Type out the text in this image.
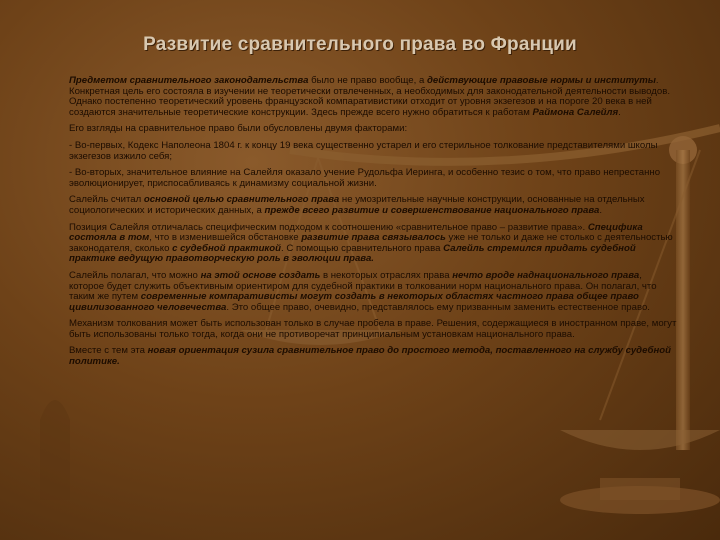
Развитие сравнительного права во Франции

Предметом сравнительного законодательства было не право вообще, а действующие правовые нормы и институты. Конкретная цель его состояла в изучении не теоретически отвлеченных, а необходимых для законодательной деятельности выводов. Однако постепенно теоретический уровень французской компаративистики отходит от уровня экзегезов и на пороге 20 века в ней создаются значительные теоретические конструкции. Здесь прежде всего нужно обратиться к работам Раймона Салейля.

Его взгляды на сравнительное право были обусловлены двумя факторами:

- Во-первых, Кодекс Наполеона 1804 г. к концу 19 века существенно устарел и его стерильное толкование представителями школы экзегезов изжило себя;

- Во-вторых, значительное влияние на Салейля оказало учение Рудольфа Иеринга, и особенно тезис о том, что право непрестанно эволюционирует, приспосабливаясь к динамизму социальной жизни.

Салейль считал основной целью сравнительного права не умозрительные научные конструкции, основанные на отдельных социологических и исторических данных, а прежде всего развитие и совершенствование национального права.

Позиция Салейля отличалась специфическим подходом к соотношению «сравнительное право – развитие права». Специфика состояла в том, что в изменившейся обстановке развитие права связывалось уже не только и даже не столько с деятельностью законодателя, сколько с судебной практикой. С помощью сравнительного права Салейль стремился придать судебной практике ведущую правотворческую роль в эволюции права.

Салейль полагал, что можно на этой основе создать в некоторых отраслях права нечто вроде наднационального права, которое будет служить объективным ориентиром для судебной практики в толковании норм национального права. Он полагал, что таким же путем современные компаративисты могут создать в некоторых областях частного права общее право цивилизованного человечества. Это общее право, очевидно, представлялось ему призванным заменить естественное право.

Механизм толкования может быть использован только в случае пробела в праве. Решения, содержащиеся в иностранном праве, могут быть использованы только тогда, когда они не противоречат принципиальным установкам национального права.

Вместе с тем эта новая ориентация сузила сравнительное право до простого метода, поставленного на службу судебной политике.
